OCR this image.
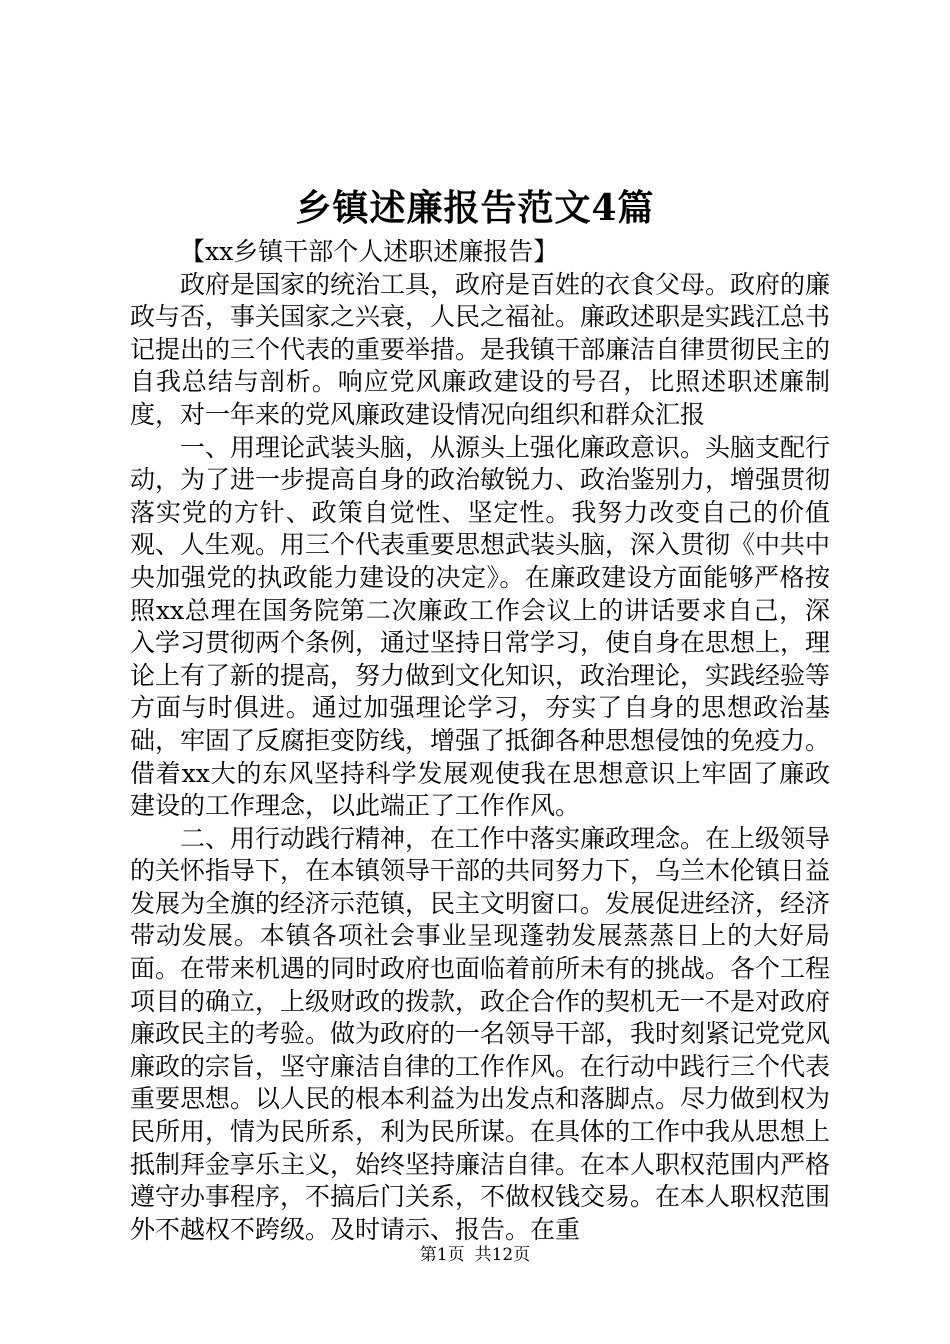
乡镇述廉报告范文4篇

【xx乡镇干部个人述职述廉报告】

政府是国家的统治工具，政府是百姓的衣食父母。政府的廉政与否，事关国家之兴衰，人民之福祉。廉政述职是实践江总书记提出的三个代表的重要举措。是我镇干部廉洁自律贯彻民主的自我总结与剖析。响应党风廉政建设的号召，比照述职述廉制度，对一年来的党风廉政建设情况向组织和群众汇报

一、用理论武装头脑，从源头上强化廉政意识。头脑支配行动，为了进一步提高自身的政治敏锐力、政治鉴别力，增强贯彻落实党的方针、政策自觉性、坚定性。我努力改变自己的价值观、人生观。用三个代表重要思想武装头脑，深入贯彻《中共中央加强党的执政能力建设的决定》。在廉政建设方面能够严格按照xx总理在国务院第二次廉政工作会议上的讲话要求自己，深入学习贯彻两个条例，通过坚持日常学习，使自身在思想上，理论上有了新的提高，努力做到文化知识，政治理论，实践经验等方面与时俱进。通过加强理论学习，夯实了自身的思想政治基础，牢固了反腐拒变防线，增强了抵御各种思想侵蚀的免疫力。借着xx大的东风坚持科学发展观使我在思想意识上牢固了廉政建设的工作理念，以此端正了工作作风。

二、用行动践行精神，在工作中落实廉政理念。在上级领导的关怀指导下，在本镇领导干部的共同努力下，乌兰木伦镇日益发展为全旗的经济示范镇，民主文明窗口。发展促进经济，经济带动发展。本镇各项社会事业呈现蓬勃发展蒸蒸日上的大好局面。在带来机遇的同时政府也面临着前所未有的挑战。各个工程项目的确立，上级财政的拨款，政企合作的契机无一不是对政府廉政民主的考验。做为政府的一名领导干部，我时刻紧记党党风廉政的宗旨，坚守廉洁自律的工作作风。在行动中践行三个代表重要思想。以人民的根本利益为出发点和落脚点。尽力做到权为民所用，情为民所系，利为民所谋。在具体的工作中我从思想上抵制拜金享乐主义，始终坚持廉洁自律。在本人职权范围内严格遵守办事程序，不搞后门关系，不做权钱交易。在本人职权范围外不越权不跨级。及时请示、报告。在重

第1页 共12页
